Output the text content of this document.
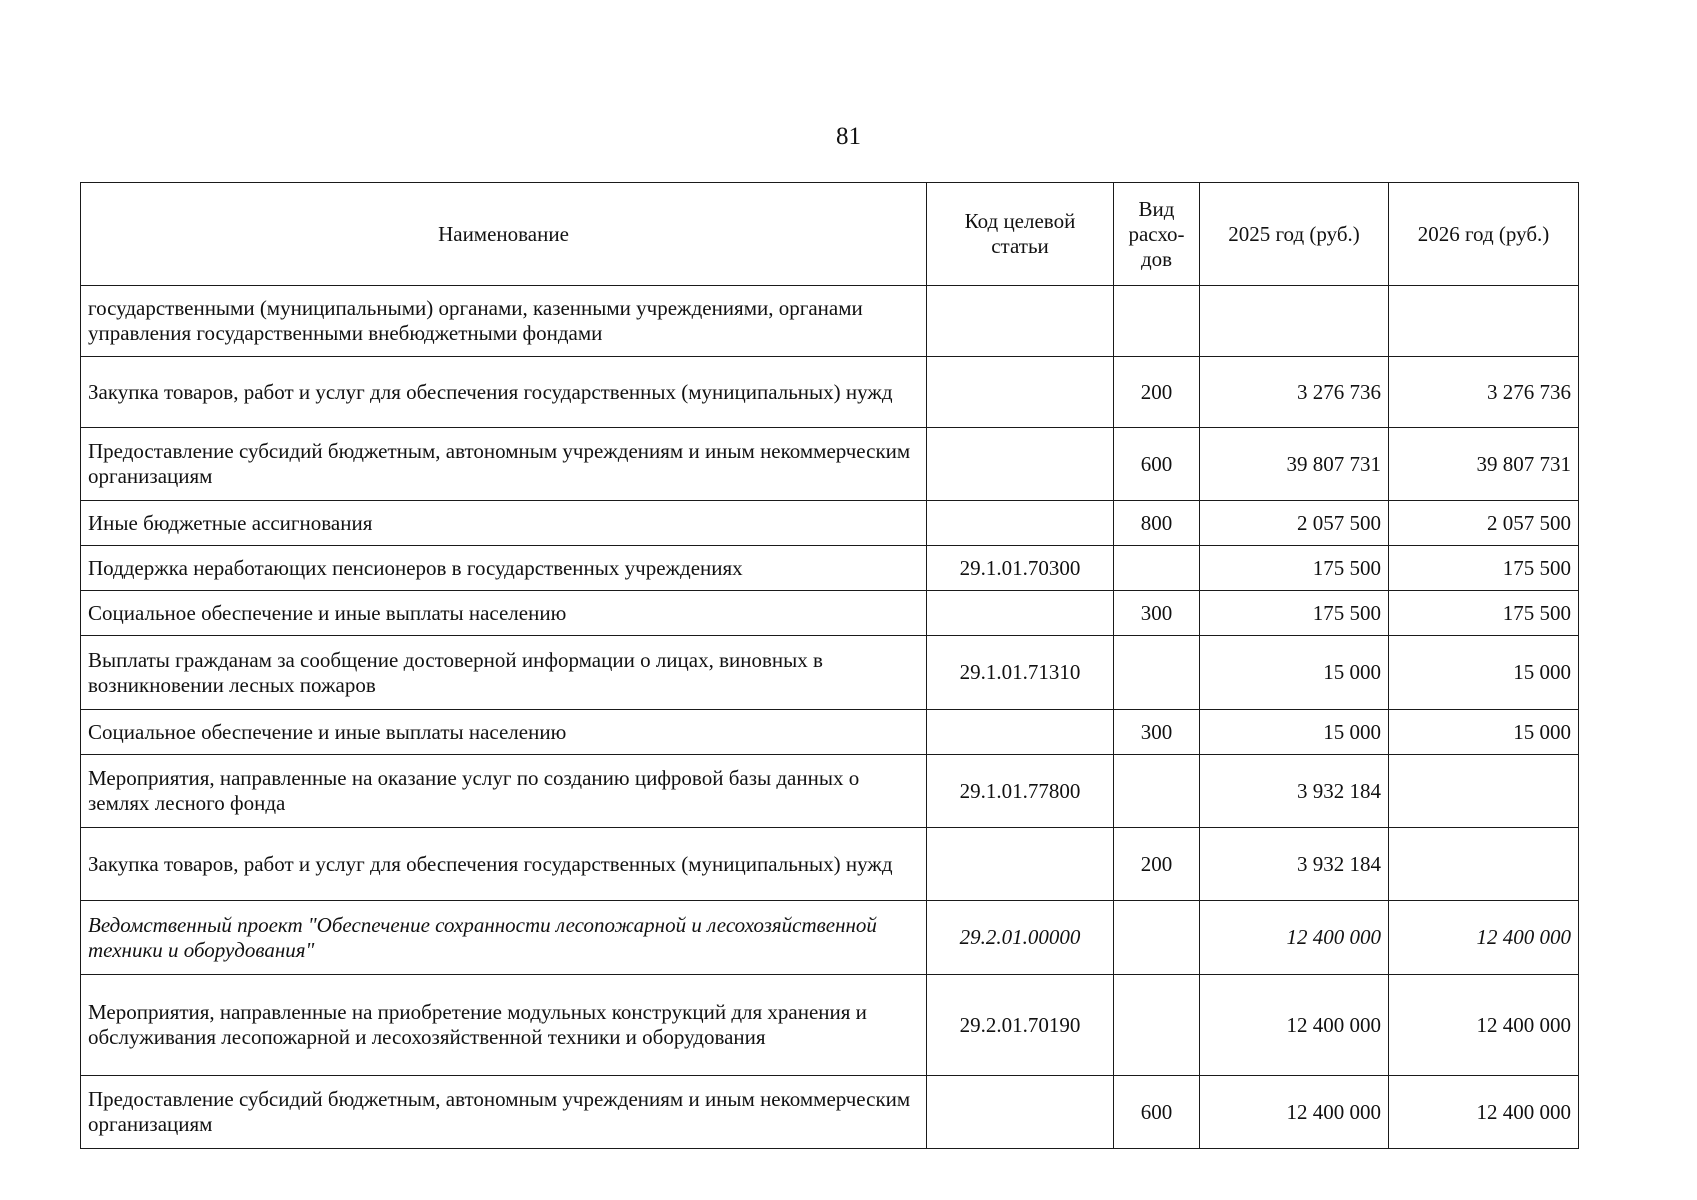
81
Наименование	Код целевой статьи	Вид расхо-дов	2025 год (руб.)	2026 год (руб.)
государственными (муниципальными) органами, казенными учреждениями, органами управления государственными внебюджетными фондами				
Закупка товаров, работ и услуг для обеспечения государственных (муниципальных) нужд		200	3 276 736	3 276 736
Предоставление субсидий бюджетным, автономным учреждениям и иным некоммерческим организациям		600	39 807 731	39 807 731
Иные бюджетные ассигнования		800	2 057 500	2 057 500
Поддержка неработающих пенсионеров в государственных учреждениях	29.1.01.70300		175 500	175 500
Социальное обеспечение и иные выплаты населению		300	175 500	175 500
Выплаты гражданам за сообщение достоверной информации о лицах, виновных в возникновении лесных пожаров	29.1.01.71310		15 000	15 000
Социальное обеспечение и иные выплаты населению		300	15 000	15 000
Мероприятия, направленные на оказание услуг по созданию цифровой базы данных о землях лесного фонда	29.1.01.77800		3 932 184	
Закупка товаров, работ и услуг для обеспечения государственных (муниципальных) нужд		200	3 932 184	
Ведомственный проект "Обеспечение сохранности лесопожарной и лесохозяйственной техники и оборудования"	29.2.01.00000		12 400 000	12 400 000
Мероприятия, направленные на приобретение модульных конструкций для хранения и обслуживания лесопожарной и лесохозяйственной техники и оборудования	29.2.01.70190		12 400 000	12 400 000
Предоставление субсидий бюджетным, автономным учреждениям и иным некоммерческим организациям		600	12 400 000	12 400 000
